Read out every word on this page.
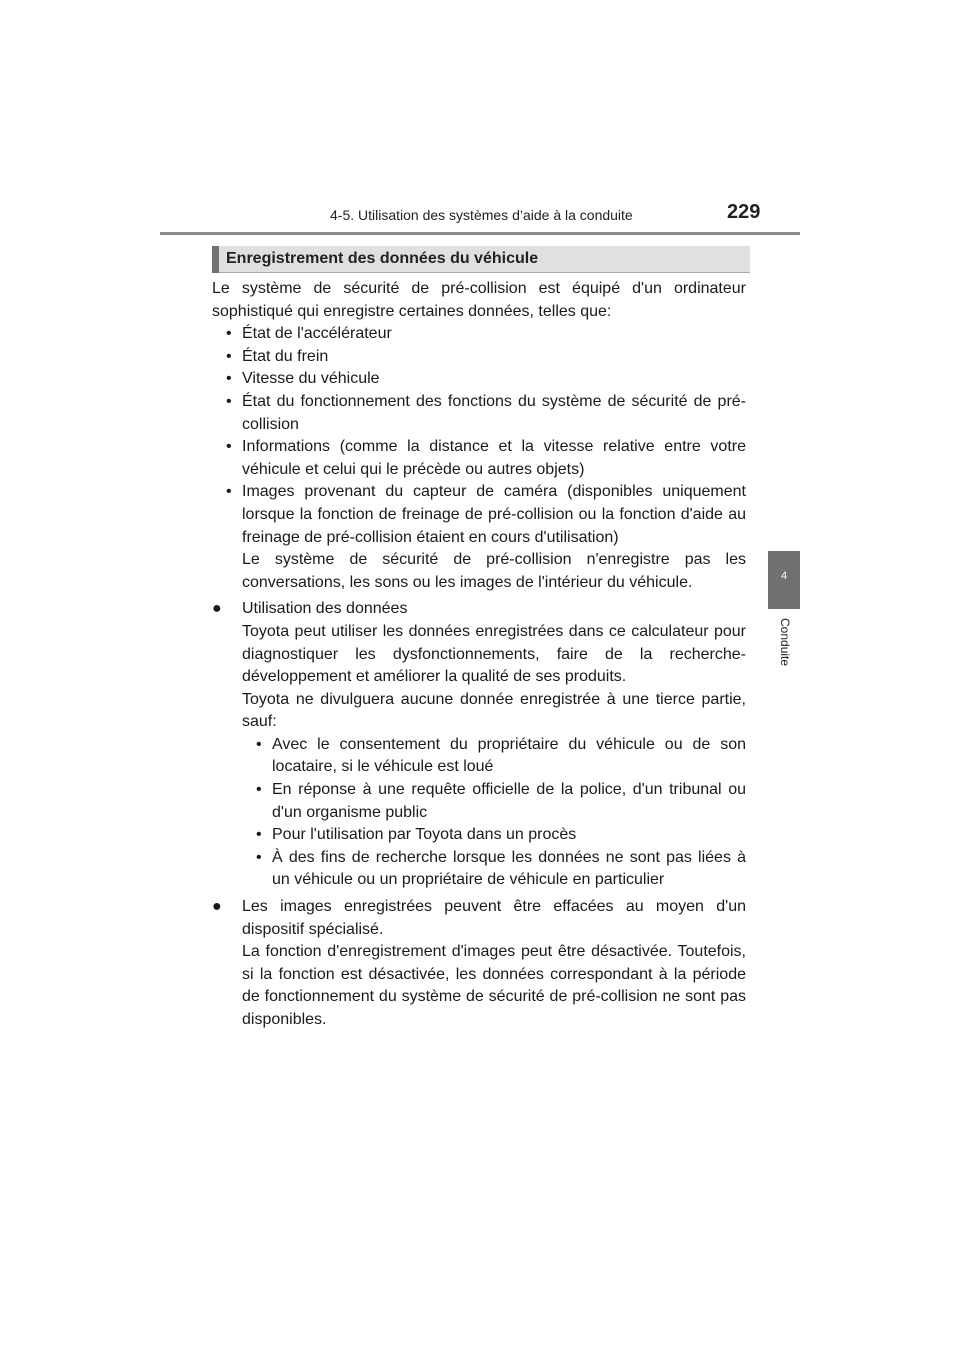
4-5. Utilisation des systèmes d’aide à la conduite	229
4
Conduite
Enregistrement des données du véhicule

Le système de sécurité de pré-collision est équipé d'un ordinateur sophistiqué qui enregistre certaines données, telles que:

• État de l'accélérateur
• État du frein
• Vitesse du véhicule
• État du fonctionnement des fonctions du système de sécurité de pré-collision
• Informations (comme la distance et la vitesse relative entre votre véhicule et celui qui le précède ou autres objets)
• Images provenant du capteur de caméra (disponibles uniquement lorsque la fonction de freinage de pré-collision ou la fonction d'aide au freinage de pré-collision étaient en cours d'utilisation)

Le système de sécurité de pré-collision n'enregistre pas les conversations, les sons ou les images de l'intérieur du véhicule.

● Utilisation des données

Toyota peut utiliser les données enregistrées dans ce calculateur pour diagnostiquer les dysfonctionnements, faire de la recherche-développement et améliorer la qualité de ses produits.

Toyota ne divulguera aucune donnée enregistrée à une tierce partie, sauf:

• Avec le consentement du propriétaire du véhicule ou de son locataire, si le véhicule est loué
• En réponse à une requête officielle de la police, d'un tribunal ou d'un organisme public
• Pour l'utilisation par Toyota dans un procès
• À des fins de recherche lorsque les données ne sont pas liées à un véhicule ou un propriétaire de véhicule en particulier
● Les images enregistrées peuvent être effacées au moyen d'un dispositif spécialisé.

La fonction d'enregistrement d'images peut être désactivée. Toutefois, si la fonction est désactivée, les données correspondant à la période de fonctionnement du système de sécurité de pré-collision ne sont pas disponibles.
